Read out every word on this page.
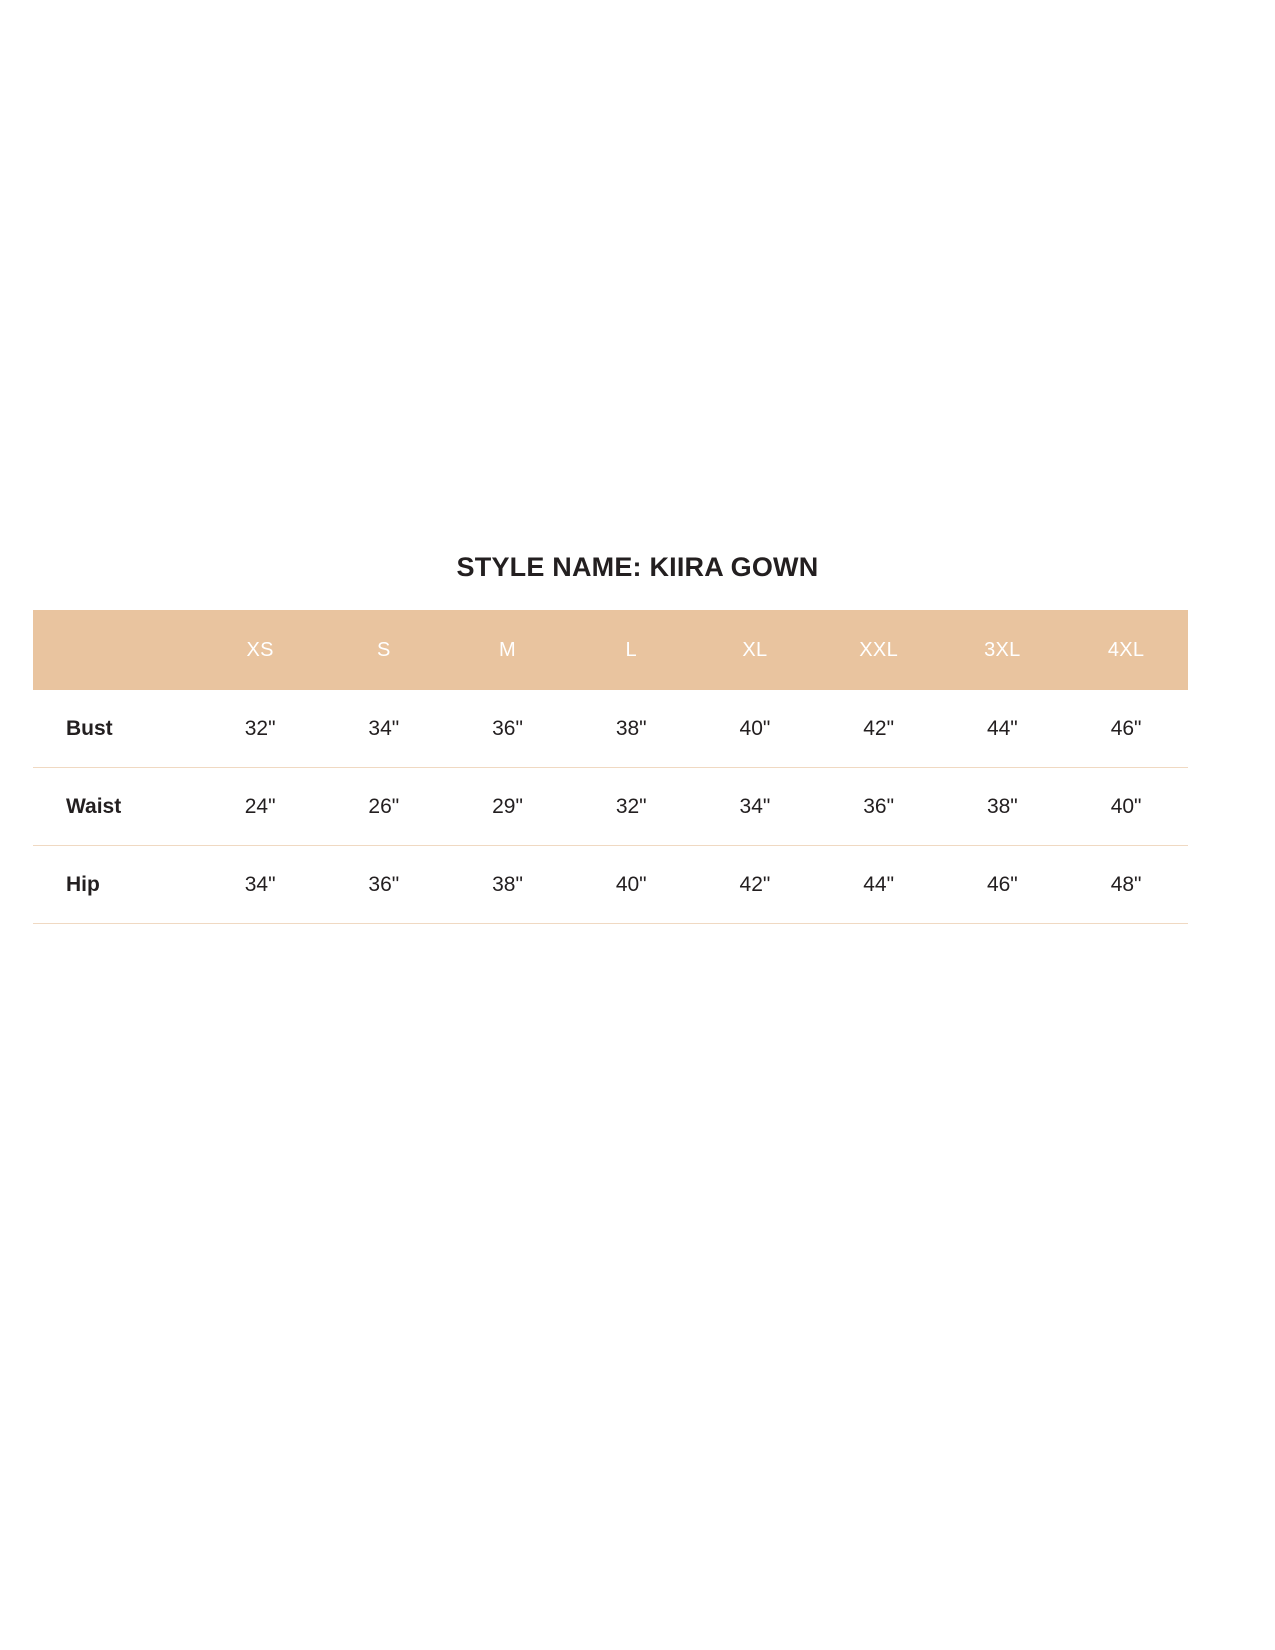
STYLE NAME: KIIRA GOWN
	XS	S	M	L	XL	XXL	3XL	4XL
Bust	32"	34"	36"	38"	40"	42"	44"	46"
Waist	24"	26"	29"	32"	34"	36"	38"	40"
Hip	34"	36"	38"	40"	42"	44"	46"	48"
